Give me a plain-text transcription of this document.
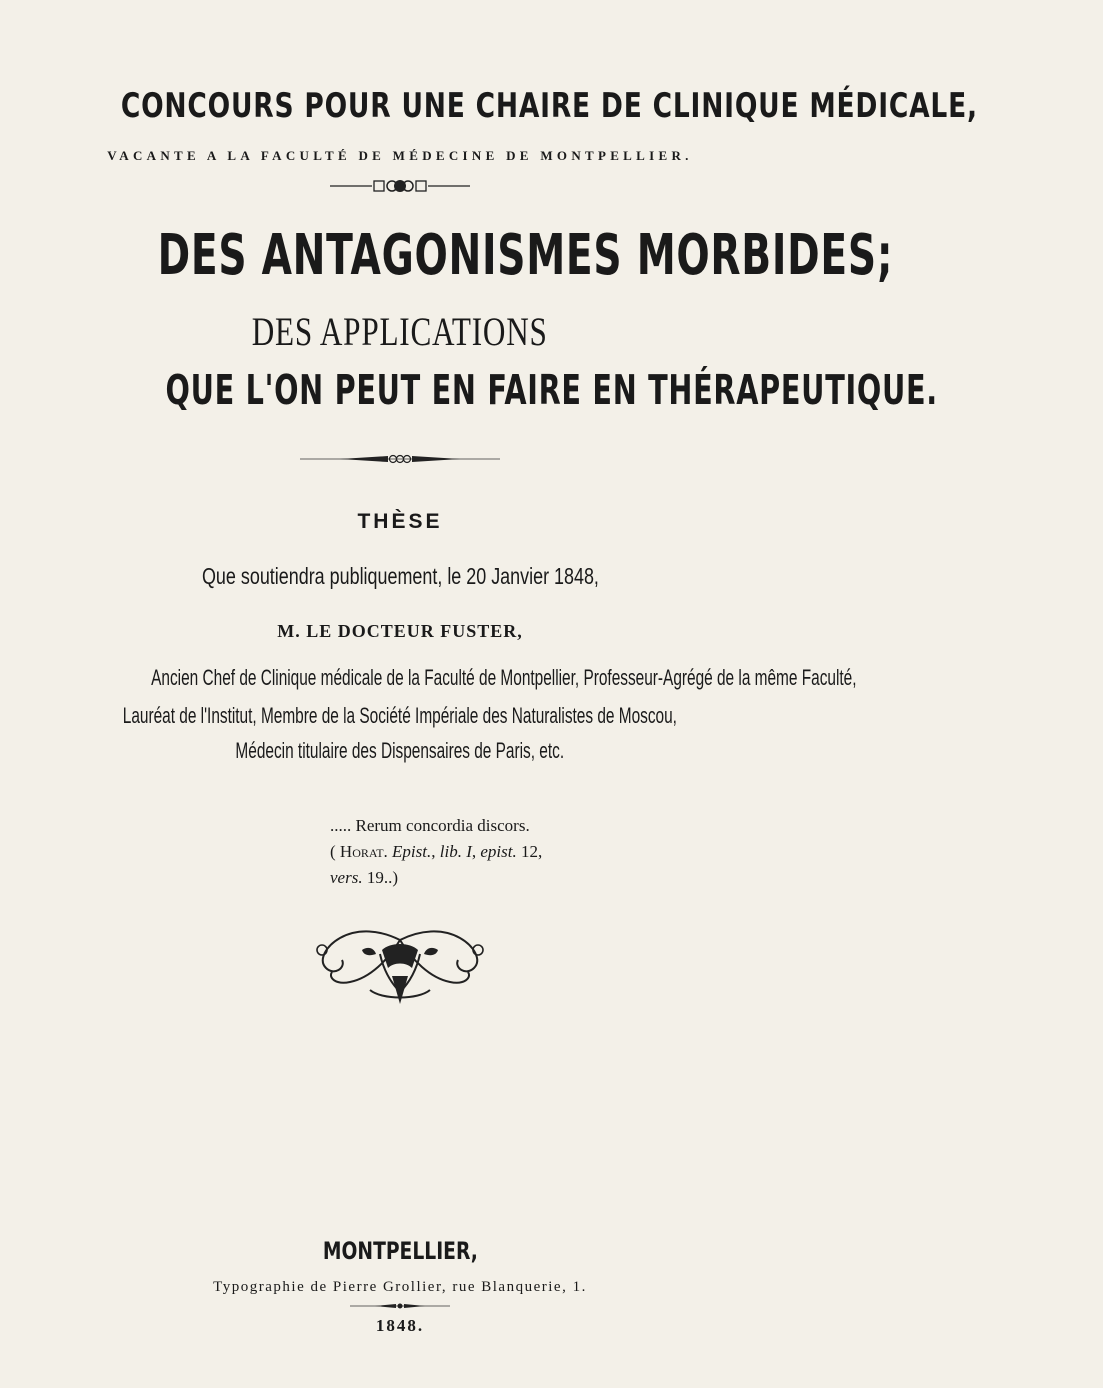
CONCOURS POUR UNE CHAIRE DE CLINIQUE MÉDICALE,
VACANTE A LA FACULTÉ DE MÉDECINE DE MONTPELLIER.
DES ANTAGONISMES MORBIDES;
DES APPLICATIONS
QUE L'ON PEUT EN FAIRE EN THÉRAPEUTIQUE.
THÈSE
Que soutiendra publiquement, le 20 Janvier 1848,
M. LE DOCTEUR FUSTER,
Ancien Chef de Clinique médicale de la Faculté de Montpellier, Professeur-Agrégé de la même Faculté,
Lauréat de l'Institut, Membre de la Société Impériale des Naturalistes de Moscou,
Médecin titulaire des Dispensaires de Paris, etc.
..... Rerum concordia discors.
( Horat. Epist., lib. I, epist. 12,
vers. 19..)
MONTPELLIER,
Typographie de Pierre Grollier, rue Blanquerie, 1.
1848.
